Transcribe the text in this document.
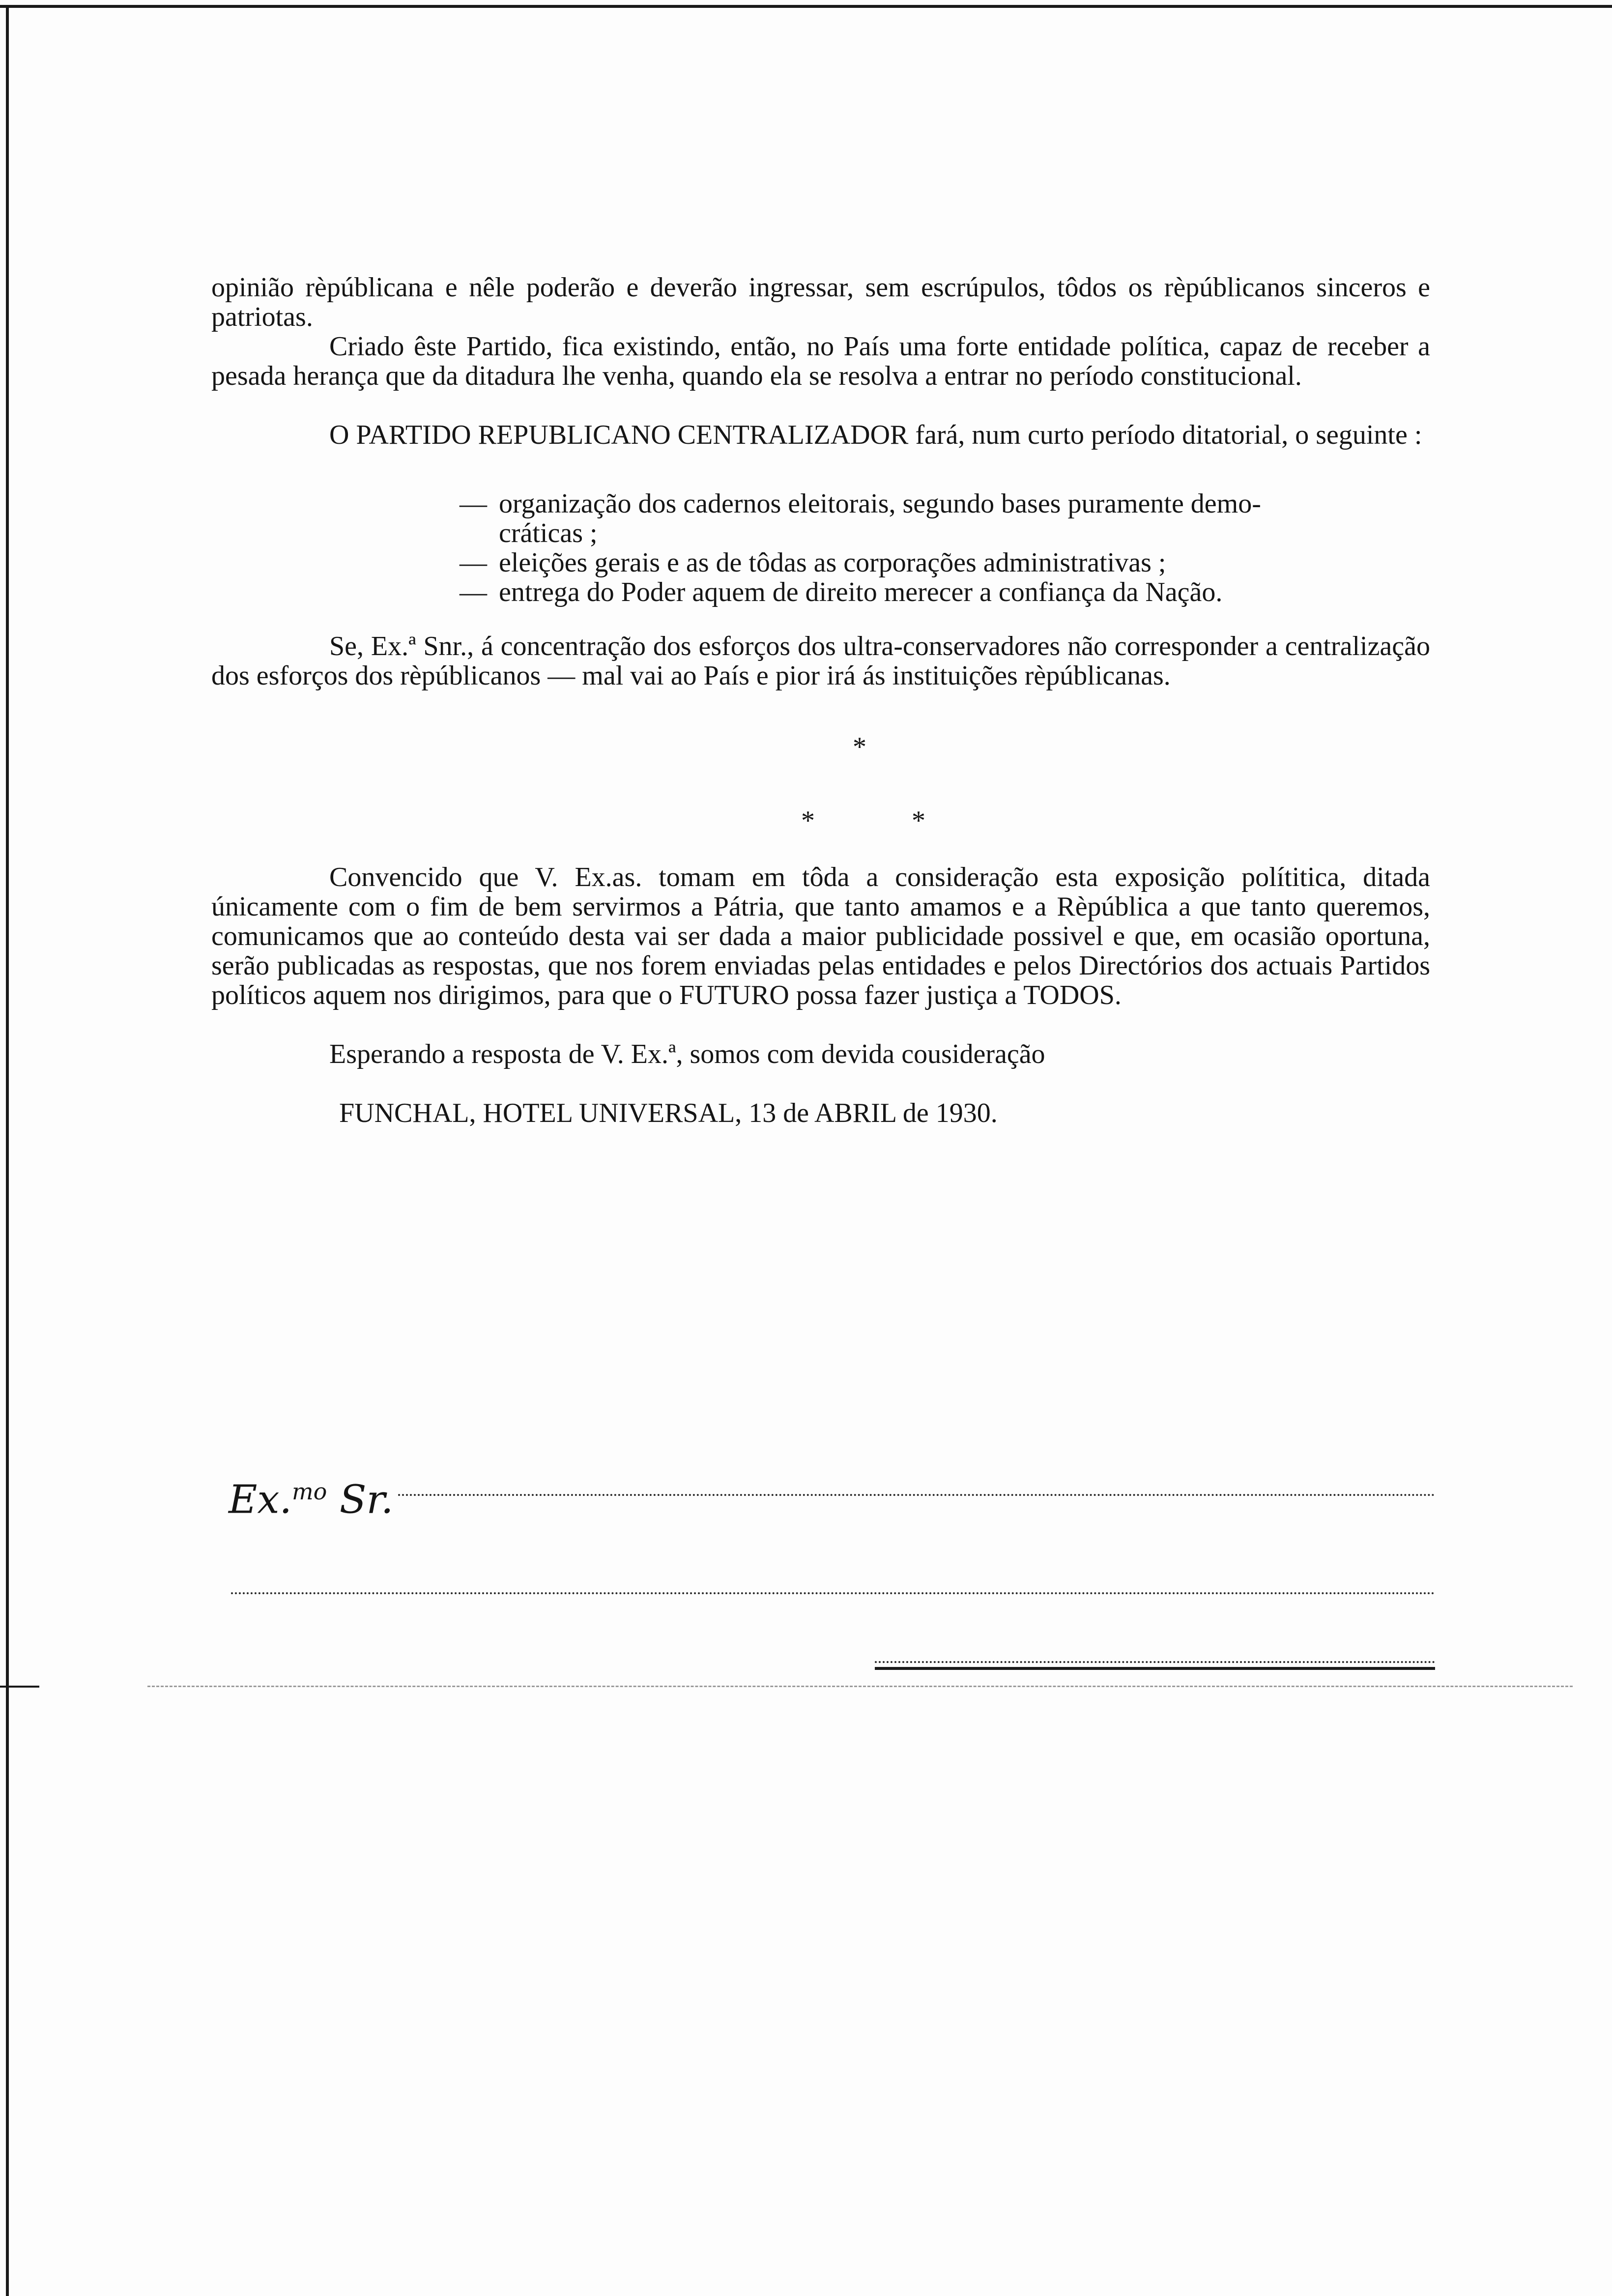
opinião rèpúblicana e nêle poderão e deverão ingressar, sem escrúpulos, tôdos os rèpúblicanos sinceros e patriotas.

Criado êste Partido, fica existindo, então, no País uma forte entidade política, capaz de receber a pesada herança que da ditadura lhe venha, quando ela se resolva a entrar no período constitucional.

O PARTIDO REPUBLICANO CENTRALIZADOR fará, num curto período ditatorial, o seguinte :

— organização dos cadernos eleitorais, segundo bases puramente demo-
cráticas ;
— eleições gerais e as de tôdas as corporações administrativas ;
— entrega do Poder aquem de direito merecer a confiança da Nação.

Se, Ex.ª Snr., á concentração dos esforços dos ultra-conservadores não corresponder a centralização dos esforços dos rèpúblicanos — mal vai ao País e pior irá ás instituições rèpúblicanas.

*
*	*

Convencido que V. Ex.as. tomam em tôda a consideração esta exposição polítitica, ditada únicamente com o fim de bem servirmos a Pátria, que tanto amamos e a Rèpública a que tanto queremos, comunicamos que ao conteúdo desta vai ser dada a maior publicidade possivel e que, em ocasião oportuna, serão publicadas as respostas, que nos forem enviadas pelas entidades e pelos Directórios dos actuais Partidos políticos aquem nos dirigimos, para que o FUTURO possa fazer justiça a TODOS.

Esperando a resposta de V. Ex.ª, somos com devida cousideração

FUNCHAL, HOTEL UNIVERSAL, 13 de ABRIL de 1930.
Ex.$^{mo}$ Sr.
